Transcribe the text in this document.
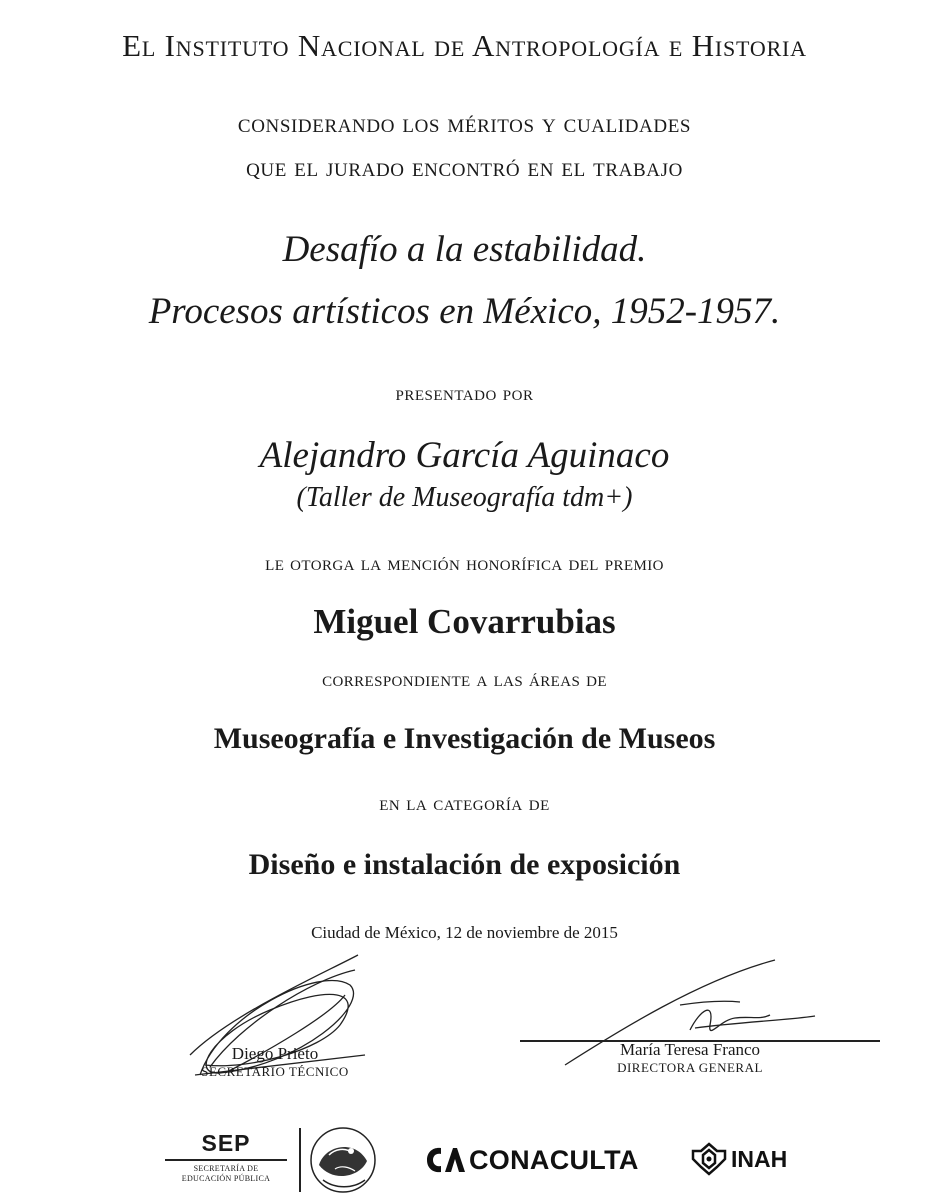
El Instituto Nacional de Antropología e Historia
considerando los méritos y cualidades
que el jurado encontró en el trabajo
Desafío a la estabilidad.
Procesos artísticos en México, 1952-1957.
presentado por
Alejandro García Aguinaco
(Taller de Museografía tdm+)
le otorga la mención honorífica del premio
Miguel Covarrubias
correspondiente a las áreas de
Museografía e Investigación de Museos
en la categoría de
Diseño e instalación de exposición
Ciudad de México, 12 de noviembre de 2015
Diego Prieto
SECRETARIO TÉCNICO
María Teresa Franco
DIRECTORA GENERAL
SEP
SECRETARÍA DE
EDUCACIÓN PÚBLICA
CONACULTA	INAH
